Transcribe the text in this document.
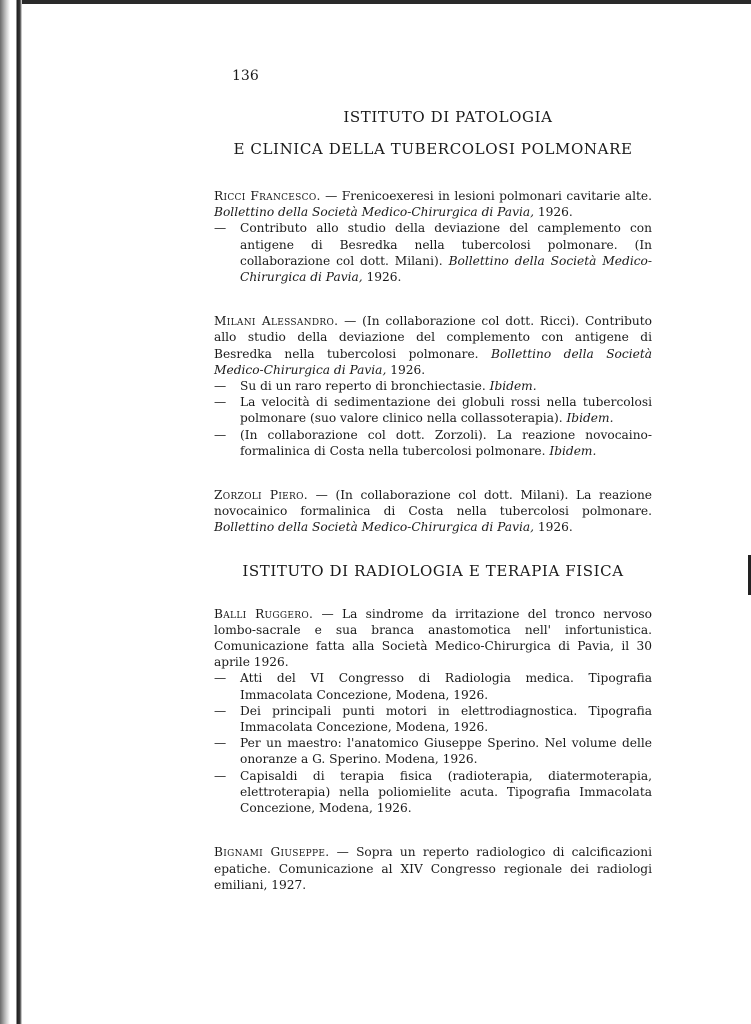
136
ISTITUTO DI PATOLOGIA
E CLINICA DELLA TUBERCOLOSI POLMONARE
Ricci Francesco. — Frenicoexeresi in lesioni polmonari cavitarie alte. Bollettino della Società Medico-Chirurgica di Pavia, 1926.
— Contributo allo studio della deviazione del camplemento con antigene di Besredka nella tubercolosi polmonare. (In collaborazione col dott. Milani). Bollettino della Società Medico-Chirurgica di Pavia, 1926.
Milani Alessandro. — (In collaborazione col dott. Ricci). Contributo allo studio della deviazione del complemento con antigene di Besredka nella tubercolosi polmonare. Bollettino della Società Medico-Chirurgica di Pavia, 1926.
— Su di un raro reperto di bronchiectasie. Ibidem.
— La velocità di sedimentazione dei globuli rossi nella tubercolosi polmonare (suo valore clinico nella collassoterapia). Ibidem.
— (In collaborazione col dott. Zorzoli). La reazione novocaino-formalinica di Costa nella tubercolosi polmonare. Ibidem.
Zorzoli Piero. — (In collaborazione col dott. Milani). La reazione novocainico formalinica di Costa nella tubercolosi polmonare. Bollettino della Società Medico-Chirurgica di Pavia, 1926.
ISTITUTO DI RADIOLOGIA E TERAPIA FISICA
Balli Ruggero. — La sindrome da irritazione del tronco nervoso lombo-sacrale e sua branca anastomotica nell' infortunistica. Comunicazione fatta alla Società Medico-Chirurgica di Pavia, il 30 aprile 1926.
— Atti del VI Congresso di Radiologia medica. Tipografia Immacolata Concezione, Modena, 1926.
— Dei principali punti motori in elettrodiagnostica. Tipografia Immacolata Concezione, Modena, 1926.
— Per un maestro: l'anatomico Giuseppe Sperino. Nel volume delle onoranze a G. Sperino. Modena, 1926.
— Capisaldi di terapia fisica (radioterapia, diatermoterapia, elettroterapia) nella poliomielite acuta. Tipografia Immacolata Concezione, Modena, 1926.
Bignami Giuseppe. — Sopra un reperto radiologico di calcificazioni epatiche. Comunicazione al XIV Congresso regionale dei radiologi emiliani, 1927.
